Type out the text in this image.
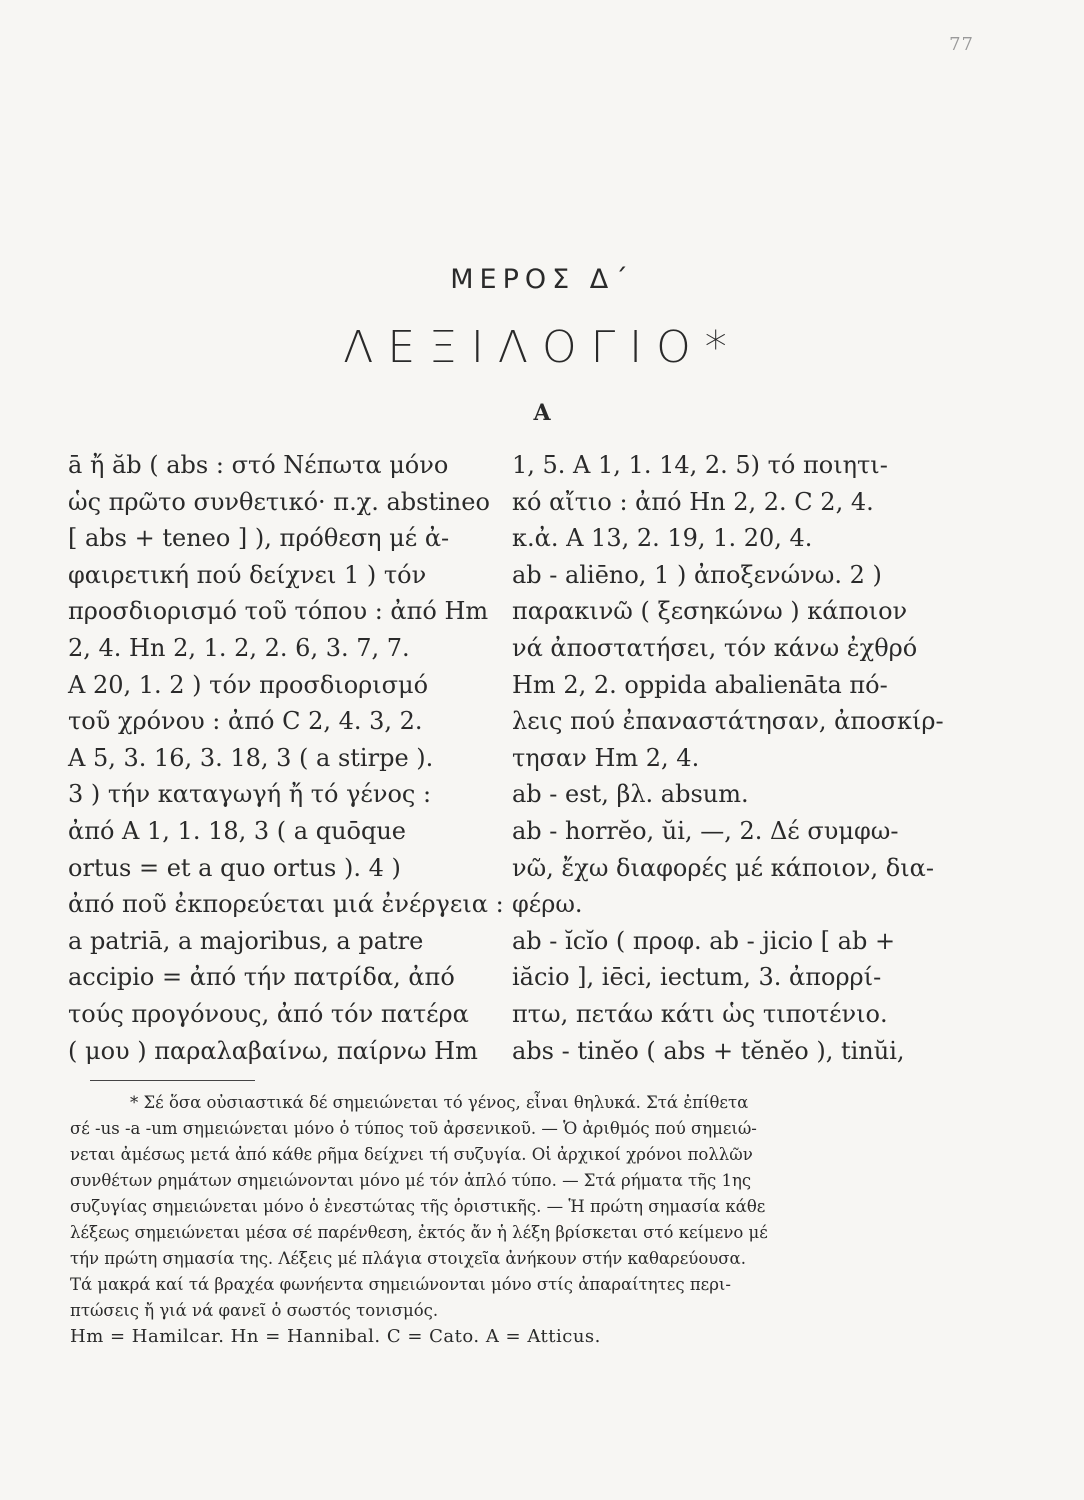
77
ΜΕΡΟΣ Δ΄
ΛΕΞΙΛΟΓΙΟ*
A
ā ἤ ăb ( abs : στό Νέπωτα μόνο
ὡς πρῶτο συνθετικό· π.χ. abstineo
[ abs + teneo ] ), πρόθεση μέ ἀ-
φαιρετική πού δείχνει 1 ) τόν
προσδιορισμό τοῦ τόπου : ἀπό Hm
2, 4. Hn 2, 1. 2, 2. 6, 3. 7, 7.
A 20, 1. 2 ) τόν προσδιορισμό
τοῦ χρόνου : ἀπό C 2, 4. 3, 2.
A 5, 3. 16, 3. 18, 3 ( a stirpe ).
3 ) τήν καταγωγή ἤ τό γένος :
ἀπό A 1, 1. 18, 3 ( a quōque
ortus = et a quo ortus ). 4 )
ἀπό ποῦ ἐκπορεύεται μιά ἐνέργεια :
a patriā, a majoribus, a patre
accipio = ἀπό τήν πατρίδα, ἀπό
τούς προγόνους, ἀπό τόν πατέρα
( μου ) παραλαβαίνω, παίρνω Hm
1, 5. A 1, 1. 14, 2. 5) τό ποιητι-
κό αἴτιο : ἀπό Hn 2, 2. C 2, 4.
κ.ἀ. A 13, 2. 19, 1. 20, 4.
ab - aliēno, 1 ) ἀποξενώνω. 2 )
παρακινῶ ( ξεσηκώνω ) κάποιον
νά ἀποστατήσει, τόν κάνω ἐχθρό
Hm 2, 2. oppida abalienāta πό-
λεις πού ἐπαναστάτησαν, ἀποσκίρ-
τησαν Hm 2, 4.
ab - est, βλ. absum.
ab - horrĕo, ŭi, —, 2. Δέ συμφω-
νῶ, ἔχω διαφορές μέ κάποιον, δια-
φέρω.
ab - ĭcĭo ( προφ. ab - jicio [ ab +
iăcio ], iēci, iectum, 3. ἀπορρί-
πτω, πετάω κάτι ὡς τιποτένιο.
abs - tinĕo ( abs + tĕnĕo ), tinŭi,
* Σέ ὅσα οὐσιαστικά δέ σημειώνεται τό γένος, εἶναι θηλυκά. Στά ἐπίθετα
σέ -us -a -um σημειώνεται μόνο ὁ τύπος τοῦ ἀρσενικοῦ. — Ὁ ἀριθμός πού σημειώ-
νεται ἀμέσως μετά ἀπό κάθε ρῆμα δείχνει τή συζυγία. Οἱ ἀρχικοί χρόνοι πολλῶν
συνθέτων ρημάτων σημειώνονται μόνο μέ τόν ἁπλό τύπο. — Στά ρήματα τῆς 1ης
συζυγίας σημειώνεται μόνο ὁ ἐνεστώτας τῆς ὁριστικῆς. — Ἡ πρώτη σημασία κάθε
λέξεως σημειώνεται μέσα σέ παρένθεση, ἐκτός ἄν ἡ λέξη βρίσκεται στό κείμενο μέ
τήν πρώτη σημασία της. Λέξεις μέ πλάγια στοιχεῖα ἀνήκουν στήν καθαρεύουσα.
Τά μακρά καί τά βραχέα φωνήεντα σημειώνονται μόνο στίς ἀπαραίτητες περι-
πτώσεις ἤ γιά νά φανεῖ ὁ σωστός τονισμός.
Hm = Hamilcar. Hn = Hannibal. C = Cato. A = Atticus.
